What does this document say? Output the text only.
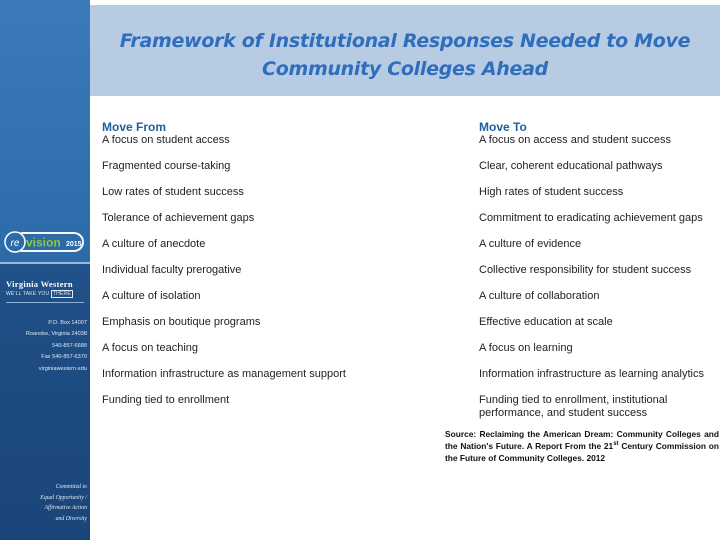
re vision 2015
Virginia Western
WE'LL TAKE YOU THERE
P.O. Box 14007
Roanoke, Virginia 24038
540-857-6688
Fax 540-857-6370
virginiawestern.edu
Committed to
Equal Opportunity /
Affirmative Action
and Diversity
Framework of Institutional Responses Needed to Move Community Colleges Ahead
Move From
A focus on student access
Fragmented course-taking
Low rates of student success
Tolerance of achievement gaps
A culture of anecdote
Individual faculty prerogative
A culture of isolation
Emphasis on boutique programs
A focus on teaching
Information infrastructure as management support
Funding tied to enrollment
Move To
A focus on access and student success
Clear, coherent educational pathways
High rates of student success
Commitment to eradicating achievement gaps
A culture of evidence
Collective responsibility for student success
A culture of collaboration
Effective education at scale
A focus on learning
Information infrastructure as learning analytics
Funding tied to enrollment, institutional performance, and student success
Source: Reclaiming the American Dream: Community Colleges and the Nation's Future. A Report From the 21st Century Commission on the Future of Community Colleges. 2012
